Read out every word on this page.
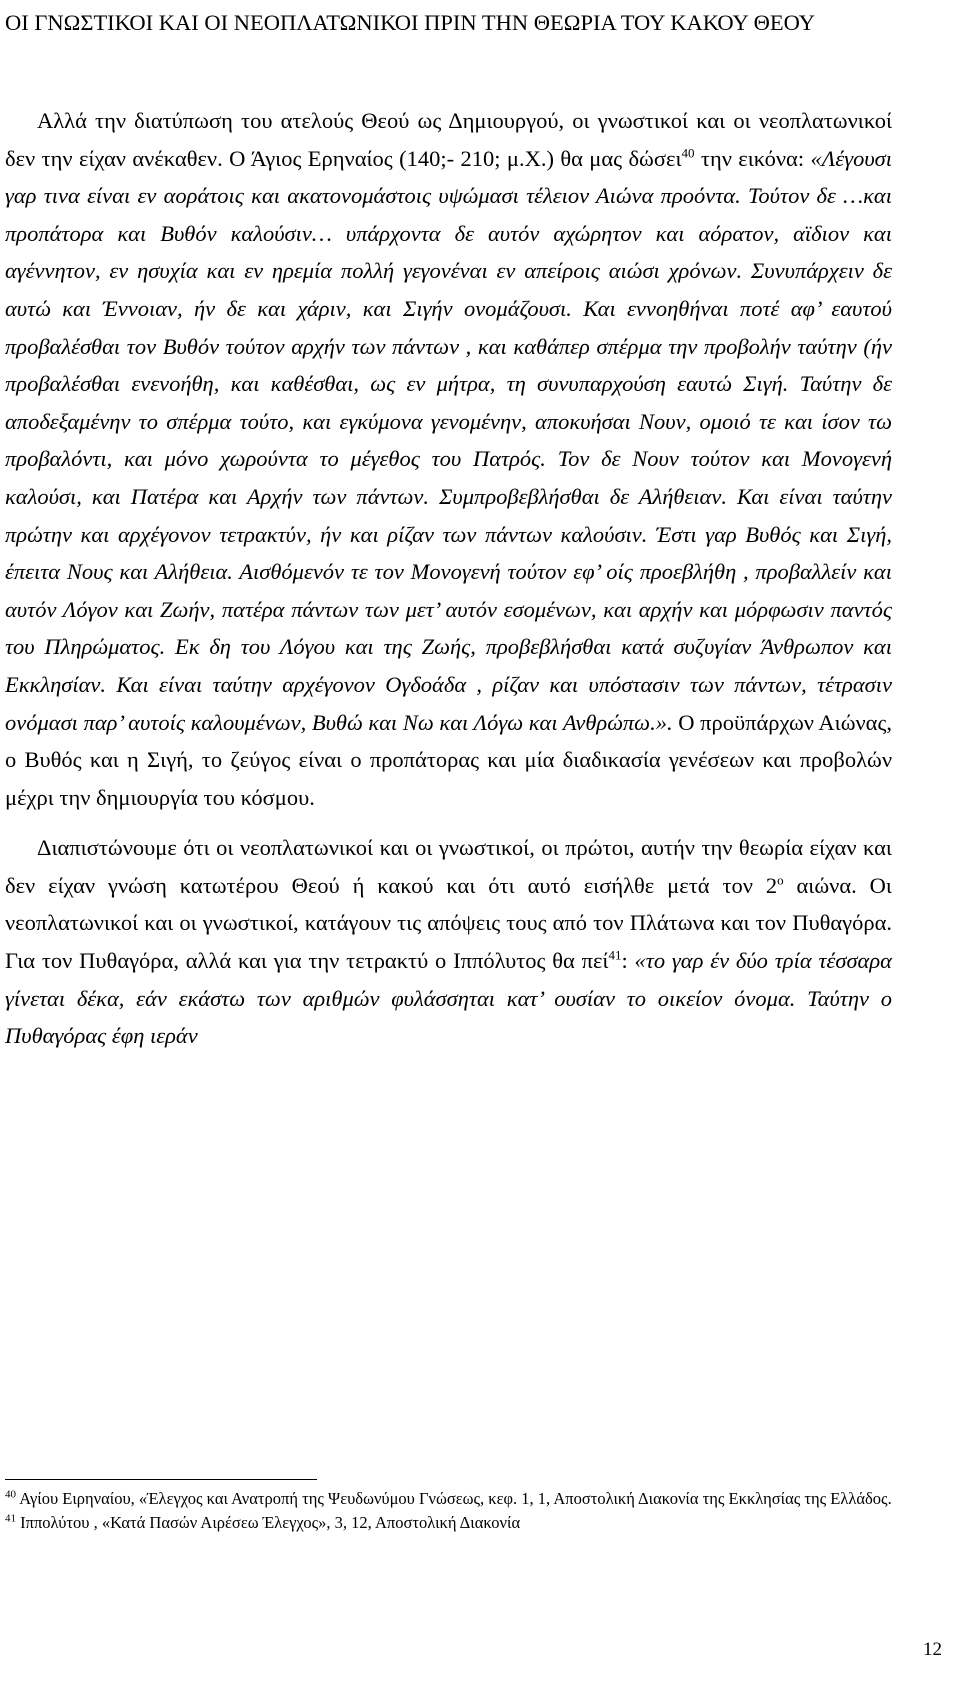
ΟΙ ΓΝΩΣΤΙΚΟΙ ΚΑΙ ΟΙ ΝΕΟΠΛΑΤΩΝΙΚΟΙ ΠΡΙΝ ΤΗΝ ΘΕΩΡΙΑ ΤΟΥ ΚΑΚΟΥ ΘΕΟΥ

Αλλά την διατύπωση του ατελούς Θεού ως Δημιουργού, οι γνωστικοί και οι νεοπλατωνικοί δεν την είχαν ανέκαθεν. Ο Άγιος Ερηναίος (140;- 210; μ.Χ.) θα μας δώσει$^{40}$ την εικόνα: «Λέγουσι γαρ τινα είναι εν αοράτοις και ακατονομάστοις υψώμασι τέλειον Αιώνα προόντα. Τούτον δε …και προπάτορα και Βυθόν καλούσιν… υπάρχοντα δε αυτόν αχώρητον και αόρατον, αϊδιον και αγέννητον, εν ησυχία και εν ηρεμία πολλή γεγονέναι εν απείροις αιώσι χρόνων. Συνυπάρχειν δε αυτώ και Έννοιαν, ήν δε και χάριν, και Σιγήν ονομάζουσι. Και εννοηθήναι ποτέ αφ’ εαυτού προβαλέσθαι τον Βυθόν τούτον αρχήν των πάντων , και καθάπερ σπέρμα την προβολήν ταύτην (ήν προβαλέσθαι ενενοήθη, και καθέσθαι, ως εν μήτρα, τη συνυπαρχούση εαυτώ Σιγή. Ταύτην δε αποδεξαμένην το σπέρμα τούτο, και εγκύμονα γενομένην, αποκυήσαι Νουν, ομοιό τε και ίσον τω προβαλόντι, και μόνο χωρούντα το μέγεθος του Πατρός. Τον δε Νουν τούτον και Μονογενή καλούσι, και Πατέρα και Αρχήν των πάντων. Συμπροβεβλήσθαι δε Αλήθειαν. Και είναι ταύτην πρώτην και αρχέγονον τετρακτύν, ήν και ρίζαν των πάντων καλούσιν. Έστι γαρ Βυθός και Σιγή, έπειτα Νους και Αλήθεια. Αισθόμενόν τε τον Μονογενή τούτον εφ’ οίς προεβλήθη , προβαλλείν και αυτόν Λόγον και Ζωήν, πατέρα πάντων των μετ’ αυτόν εσομένων, και αρχήν και μόρφωσιν παντός του Πληρώματος. Εκ δη του Λόγου και της Ζωής, προβεβλήσθαι κατά συζυγίαν Άνθρωπον και Εκκλησίαν. Και είναι ταύτην αρχέγονον Ογδοάδα , ρίζαν και υπόστασιν των πάντων, τέτρασιν ονόμασι παρ’ αυτοίς καλουμένων, Βυθώ και Νω και Λόγω και Ανθρώπω.». Ο προϋπάρχων Αιώνας, ο Βυθός και η Σιγή, το ζεύγος είναι ο προπάτορας και μία διαδικασία γενέσεων και προβολών μέχρι την δημιουργία του κόσμου.

Διαπιστώνουμε ότι οι νεοπλατωνικοί και οι γνωστικοί, οι πρώτοι, αυτήν την θεωρία είχαν και δεν είχαν γνώση κατωτέρου Θεού ή κακού και ότι αυτό εισήλθε μετά τον $2^o$ αιώνα. Οι νεοπλατωνικοί και οι γνωστικοί, κατάγουν τις απόψεις τους από τον Πλάτωνα και τον Πυθαγόρα. Για τον Πυθαγόρα, αλλά και για την τετρακτύ ο Ιππόλυτος θα πεί$^{41}$: «το γαρ έν δύο τρία τέσσαρα γίνεται δέκα, εάν εκάστω των αριθμών φυλάσσηται κατ’ ουσίαν το οικείον όνομα. Ταύτην ο Πυθαγόρας έφη ιεράν

$^{40}$ Αγίου Ειρηναίου, «Έλεγχος και Ανατροπή της Ψευδωνύμου Γνώσεως, κεφ. 1, 1, Αποστολική Διακονία της Εκκλησίας της Ελλάδος.
$^{41}$ Ιππολύτου , «Κατά Πασών Αιρέσεω Έλεγχος», 3, 12, Αποστολική Διακονία
12
